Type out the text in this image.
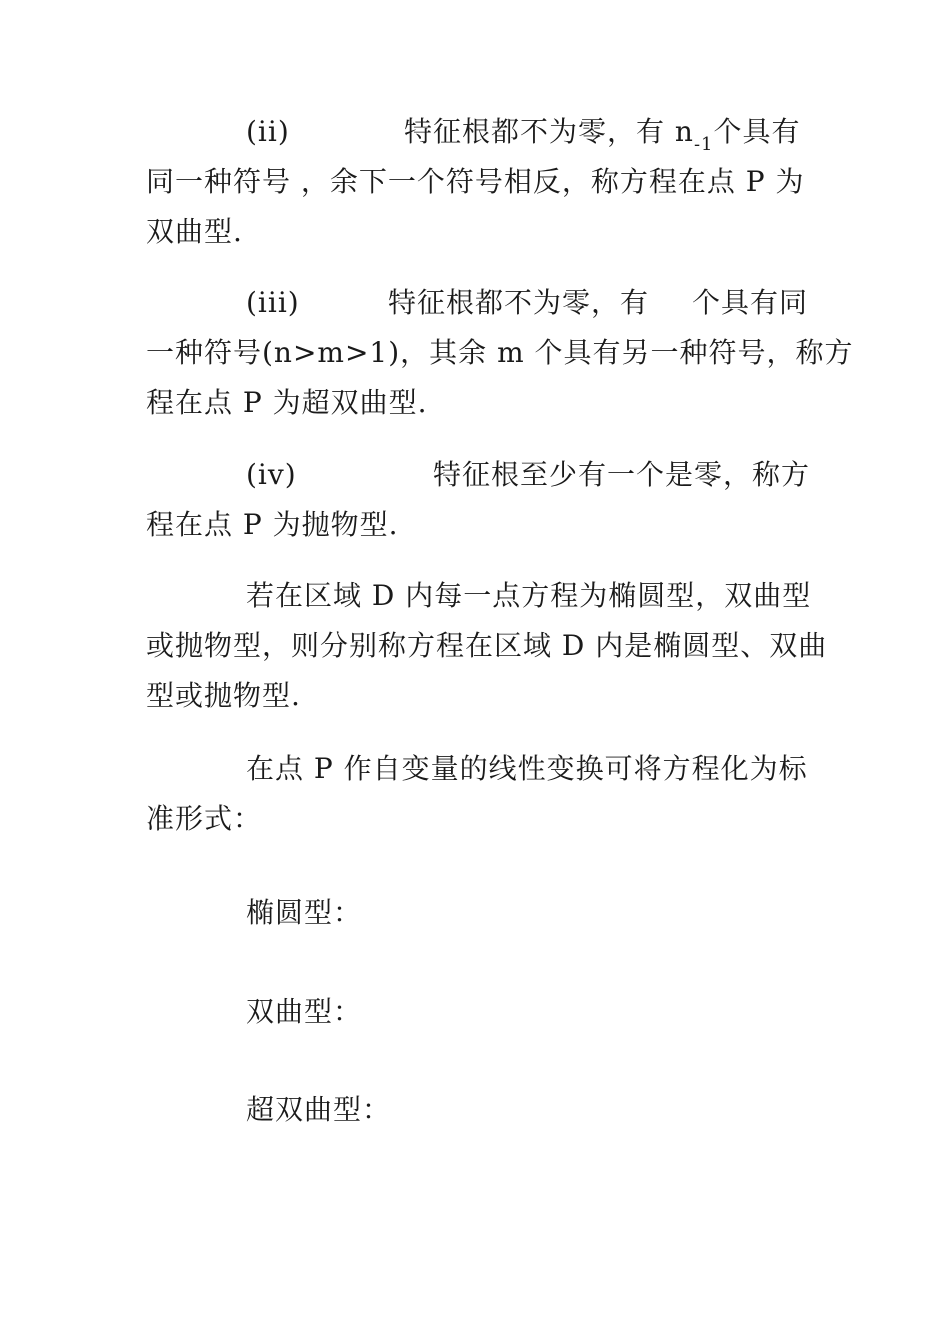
(ii)	特征根都不为零，有 $n_{-1}$个具有
同一种符号 ，余下一个符号相反，称方程在点 P 为
双曲型.
(iii)	特征根都不为零，有 个具有同
一种符号(n>m>1)，其余 m 个具有另一种符号，称方
程在点 P 为超双曲型.
(iv)	特征根至少有一个是零，称方
程在点 P 为抛物型.
若在区域 D 内每一点方程为椭圆型，双曲型
或抛物型，则分别称方程在区域 D 内是椭圆型、双曲
型或抛物型.
在点 P 作自变量的线性变换可将方程化为标
准形式：
椭圆型：
双曲型：
超双曲型：
